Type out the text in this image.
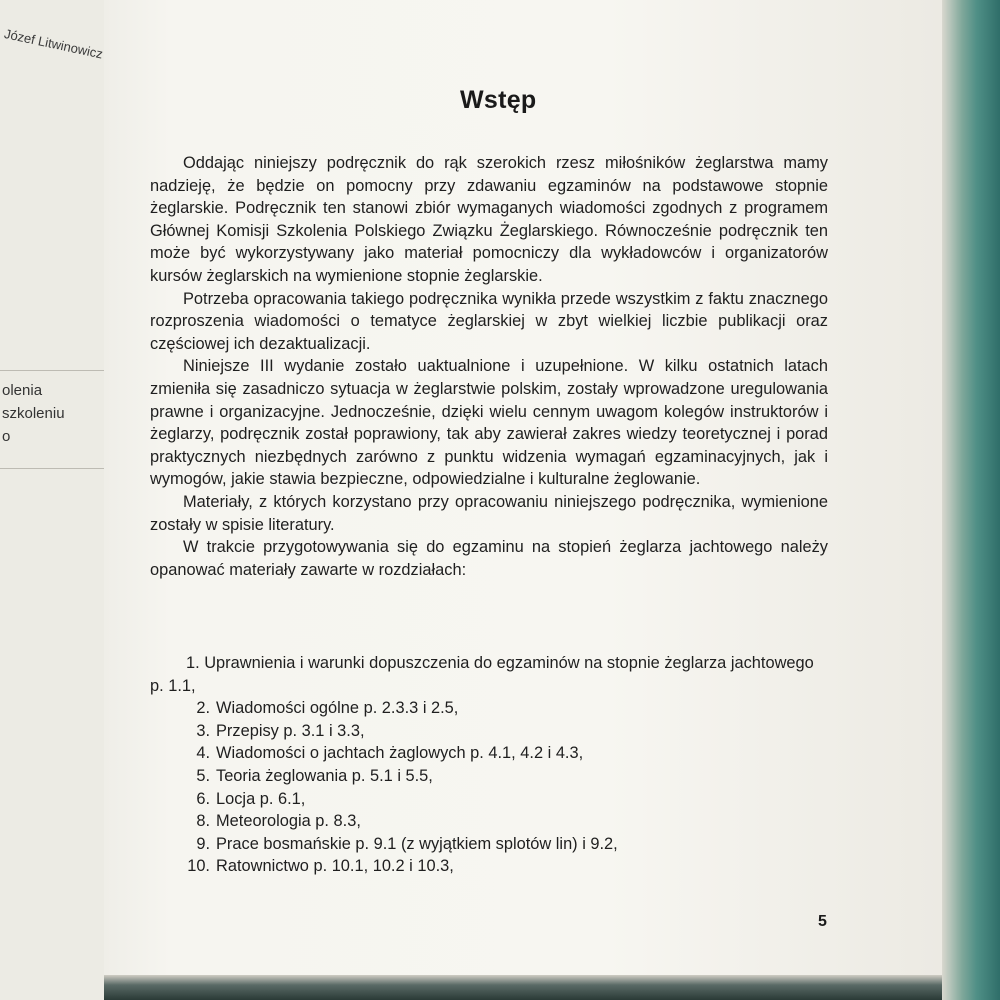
Józef Litwinowicz
olenia
szkoleniu
o
Wstęp

Oddając niniejszy podręcznik do rąk szerokich rzesz miłośników żeglarstwa mamy nadzieję, że będzie on pomocny przy zdawaniu egzaminów na podstawowe stopnie żeglarskie. Podręcznik ten stanowi zbiór wymaganych wiadomości zgodnych z programem Głównej Komisji Szkolenia Polskiego Związku Żeglarskiego. Równocześnie podręcznik ten może być wykorzystywany jako materiał pomocniczy dla wykładowców i organizatorów kursów żeglarskich na wymienione stopnie żeglarskie.

Potrzeba opracowania takiego podręcznika wynikła przede wszystkim z faktu znacznego rozproszenia wiadomości o tematyce żeglarskiej w zbyt wielkiej liczbie publikacji oraz częściowej ich dezaktualizacji.

Niniejsze III wydanie zostało uaktualnione i uzupełnione. W kilku ostatnich latach zmieniła się zasadniczo sytuacja w żeglarstwie polskim, zostały wprowadzone uregulowania prawne i organizacyjne. Jednocześnie, dzięki wielu cennym uwagom kolegów instruktorów i żeglarzy, podręcznik został poprawiony, tak aby zawierał zakres wiedzy teoretycznej i porad praktycznych niezbędnych zarówno z punktu widzenia wymagań egzaminacyjnych, jak i wymogów, jakie stawia bezpieczne, odpowiedzialne i kulturalne żeglowanie.

Materiały, z których korzystano przy opracowaniu niniejszego podręcznika, wymienione zostały w spisie literatury.

W trakcie przygotowywania się do egzaminu na stopień żeglarza jachtowego należy opanować materiały zawarte w rozdziałach:

1. Uprawnienia i warunki dopuszczenia do egzaminów na stopnie żeglarza jachtowego p. 1.1,
2. Wiadomości ogólne p. 2.3.3 i 2.5,
3. Przepisy p. 3.1 i 3.3,
4. Wiadomości o jachtach żaglowych p. 4.1, 4.2 i 4.3,
5. Teoria żeglowania p. 5.1 i 5.5,
6. Locja p. 6.1,
8. Meteorologia p. 8.3,
9. Prace bosmańskie p. 9.1 (z wyjątkiem splotów lin) i 9.2,
10. Ratownictwo p. 10.1, 10.2 i 10.3,
5
